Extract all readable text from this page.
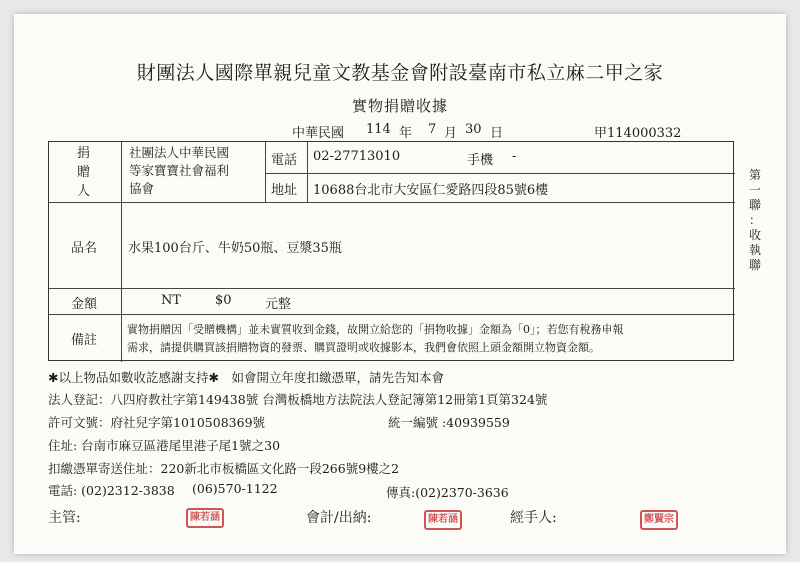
財團法人國際單親兒童文教基金會附設臺南市私立麻二甲之家
實物捐贈收據
中華民國 114 年 7 月 30 日	甲114000332
捐
贈
人
社團法人中華民國
等家寶寶社會福利
協會
電話 02-27713010	手機 -
地址 10688台北市大安區仁愛路四段85號6樓
品名 水果100台斤、牛奶50瓶、豆漿35瓶
金額	NT	$0	元整
備註
實物捐贈因「受贈機構」並未實質收到金錢，故開立給您的「捐物收據」金額為「0」；若您有稅務申報
需求，請提供購買該捐贈物資的發票、購買證明或收據影本，我們會依照上頭金額開立物資金額。
第
一
聯
：
收
執
聯
✱以上物品如數收訖感謝支持✱　如會開立年度扣繳憑單，請先告知本會
法人登記：八四府教社字第149438號 台灣板橋地方法院法人登記簿第12冊第1頁第324號
許可文號：府社兒字第1010508369號	統一編號 :40939559
住址: 台南市麻豆區港尾里港子尾1號之30
扣繳憑單寄送住址：220新北市板橋區文化路一段266號9樓之2
電話: (02)2312-3838 (06)570-1122	傳真:(02)2370-3636
主管:	陳若涵	會計/出納:	陳若涵	經手人:	鄭賢宗
